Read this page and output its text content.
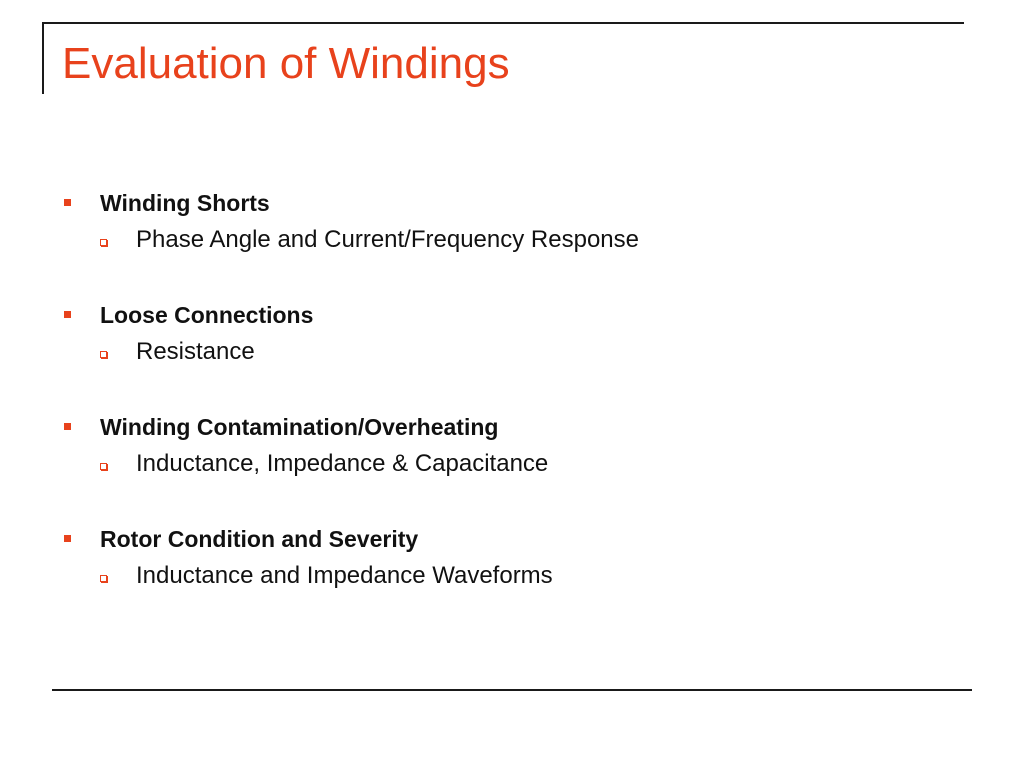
Evaluation of Windings
Winding Shorts
Phase Angle and Current/Frequency Response
Loose Connections
Resistance
Winding Contamination/Overheating
Inductance, Impedance & Capacitance
Rotor Condition and Severity
Inductance and Impedance Waveforms
